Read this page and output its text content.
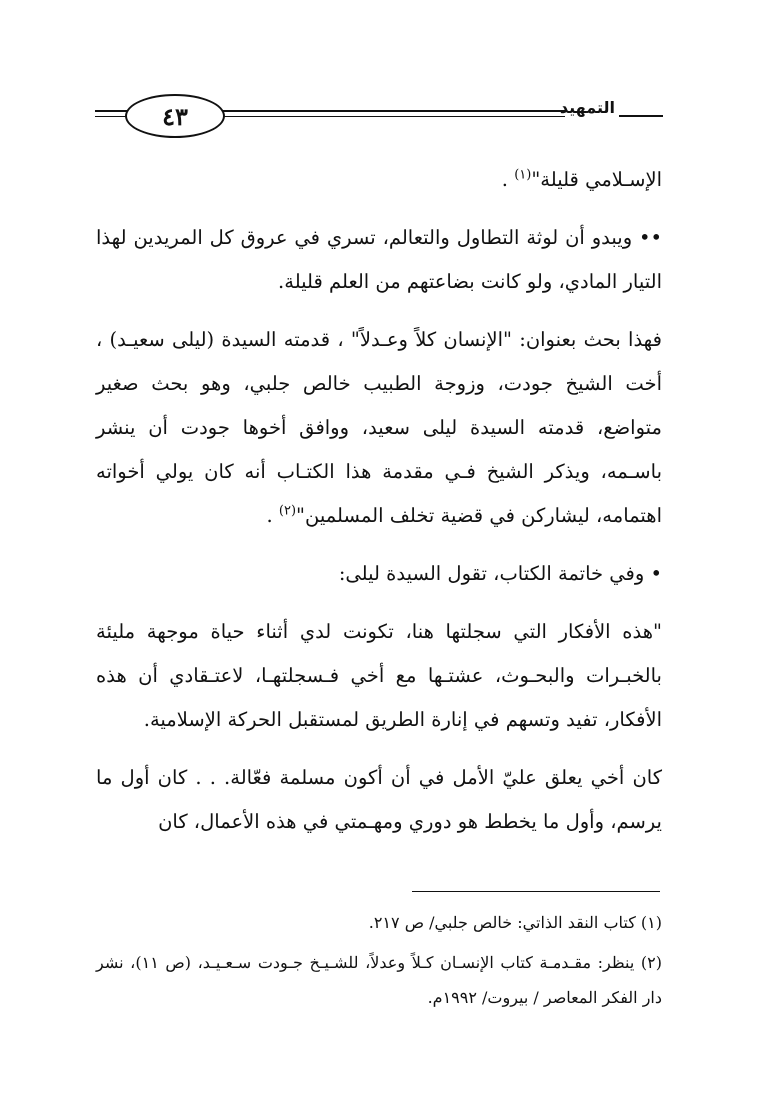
٤٣	التمهيد

الإسـلامي قليلة"$^{(١)}$ .

•• ويبدو أن لوثة التطاول والتعالم، تسري في عروق كل المريدين لهذا التيار المادي، ولو كانت بضاعتهم من العلم قليلة.

فهذا بحث بعنوان: "الإنسان كلاً وعـدلاً" ، قدمته السيدة (ليلى سعيـد) ، أخت الشيخ جودت، وزوجة الطبيب خالص جلبي، وهو بحث صغير متواضع، قدمته السيدة ليلى سعيد، ووافق أخوها جودت أن ينشر باسـمه، ويذكر الشيخ فـي مقدمة هذا الكتـاب أنه كان يولي أخواته اهتمامه، ليشاركن في قضية تخلف المسلمين"$^{(٢)}$ .

• وفي خاتمة الكتاب، تقول السيدة ليلى:

"هذه الأفكار التي سجلتها هنا، تكونت لدي أثناء حياة موجهة مليئة بالخبـرات والبحـوث، عشتـها مع أخي فـسجلتهـا، لاعتـقادي أن هذه الأفكار، تفيد وتسهم في إنارة الطريق لمستقبل الحركة الإسلامية.

كان أخي يعلق عليّ الأمل في أن أكون مسلمة فعّالة. . . كان أول ما يرسم، وأول ما يخطط هو دوري ومهـمتي في هذه الأعمال، كان

(١) كتاب النقد الذاتي: خالص جلبي/ ص ٢١٧.

(٢) ينظر: مقـدمـة كتاب الإنسـان كـلاً وعدلاً، للشـيـخ جـودت سـعـيـد، (ص ١١)، نشر دار الفكر المعاصر / بيروت/ ١٩٩٢م.
